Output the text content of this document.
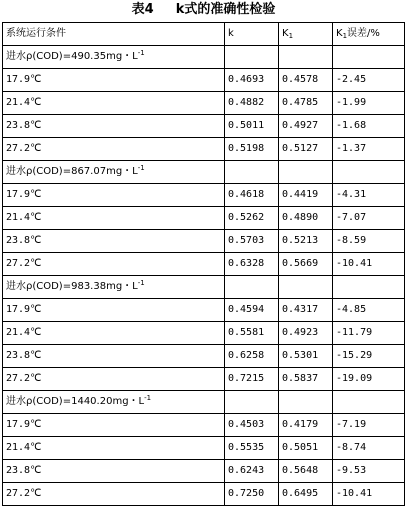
表4 k式的准确性检验
系统运行条件	k	$K_1$	$K_1$误差/%
进水ρ(COD)=490.35mg・$L^{-1}$			
17.9℃	0.4693	0.4578	-2.45
21.4℃	0.4882	0.4785	-1.99
23.8℃	0.5011	0.4927	-1.68
27.2℃	0.5198	0.5127	-1.37
进水ρ(COD)=867.07mg・$L^{-1}$			
17.9℃	0.4618	0.4419	-4.31
21.4℃	0.5262	0.4890	-7.07
23.8℃	0.5703	0.5213	-8.59
27.2℃	0.6328	0.5669	-10.41
进水ρ(COD)=983.38mg・$L^{-1}$			
17.9℃	0.4594	0.4317	-4.85
21.4℃	0.5581	0.4923	-11.79
23.8℃	0.6258	0.5301	-15.29
27.2℃	0.7215	0.5837	-19.09
进水ρ(COD)=1440.20mg・$L^{-1}$			
17.9℃	0.4503	0.4179	-7.19
21.4℃	0.5535	0.5051	-8.74
23.8℃	0.6243	0.5648	-9.53
27.2℃	0.7250	0.6495	-10.41
